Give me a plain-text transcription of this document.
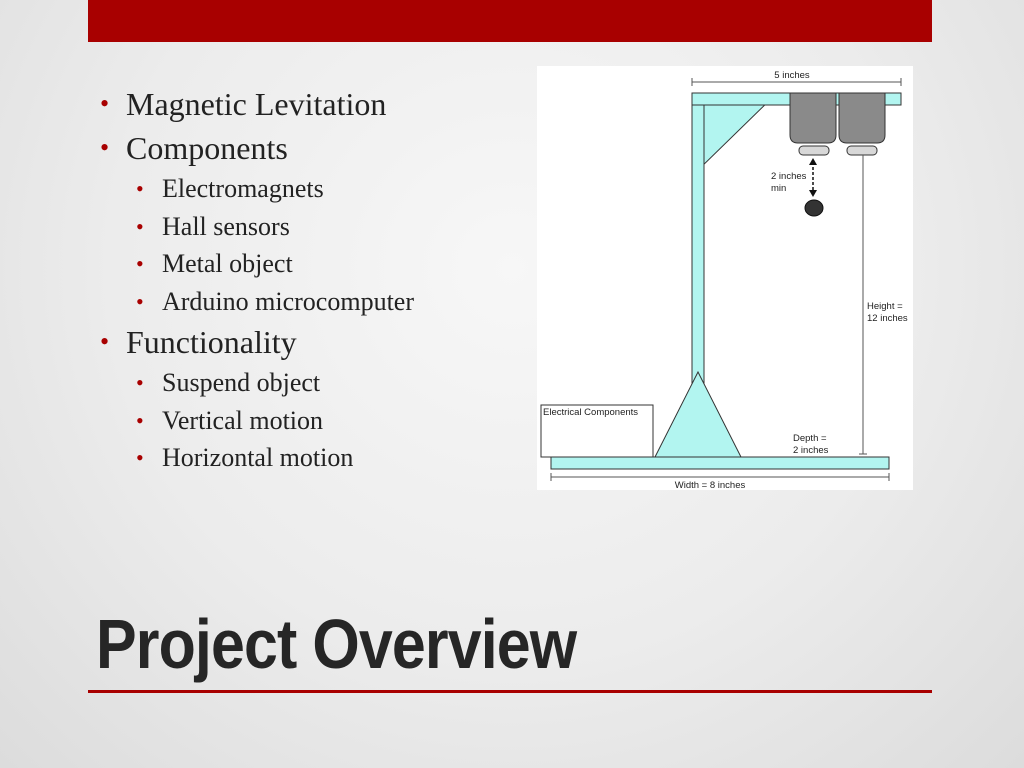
• Magnetic Levitation
• Components
• Electromagnets
• Hall sensors
• Metal object
• Arduino microcomputer
• Functionality
• Suspend object
• Vertical motion
• Horizontal motion
5 inches
2 inches
min
Height =
12 inches
Electrical Components
Depth =
2 inches
Width = 8 inches
Project Overview
